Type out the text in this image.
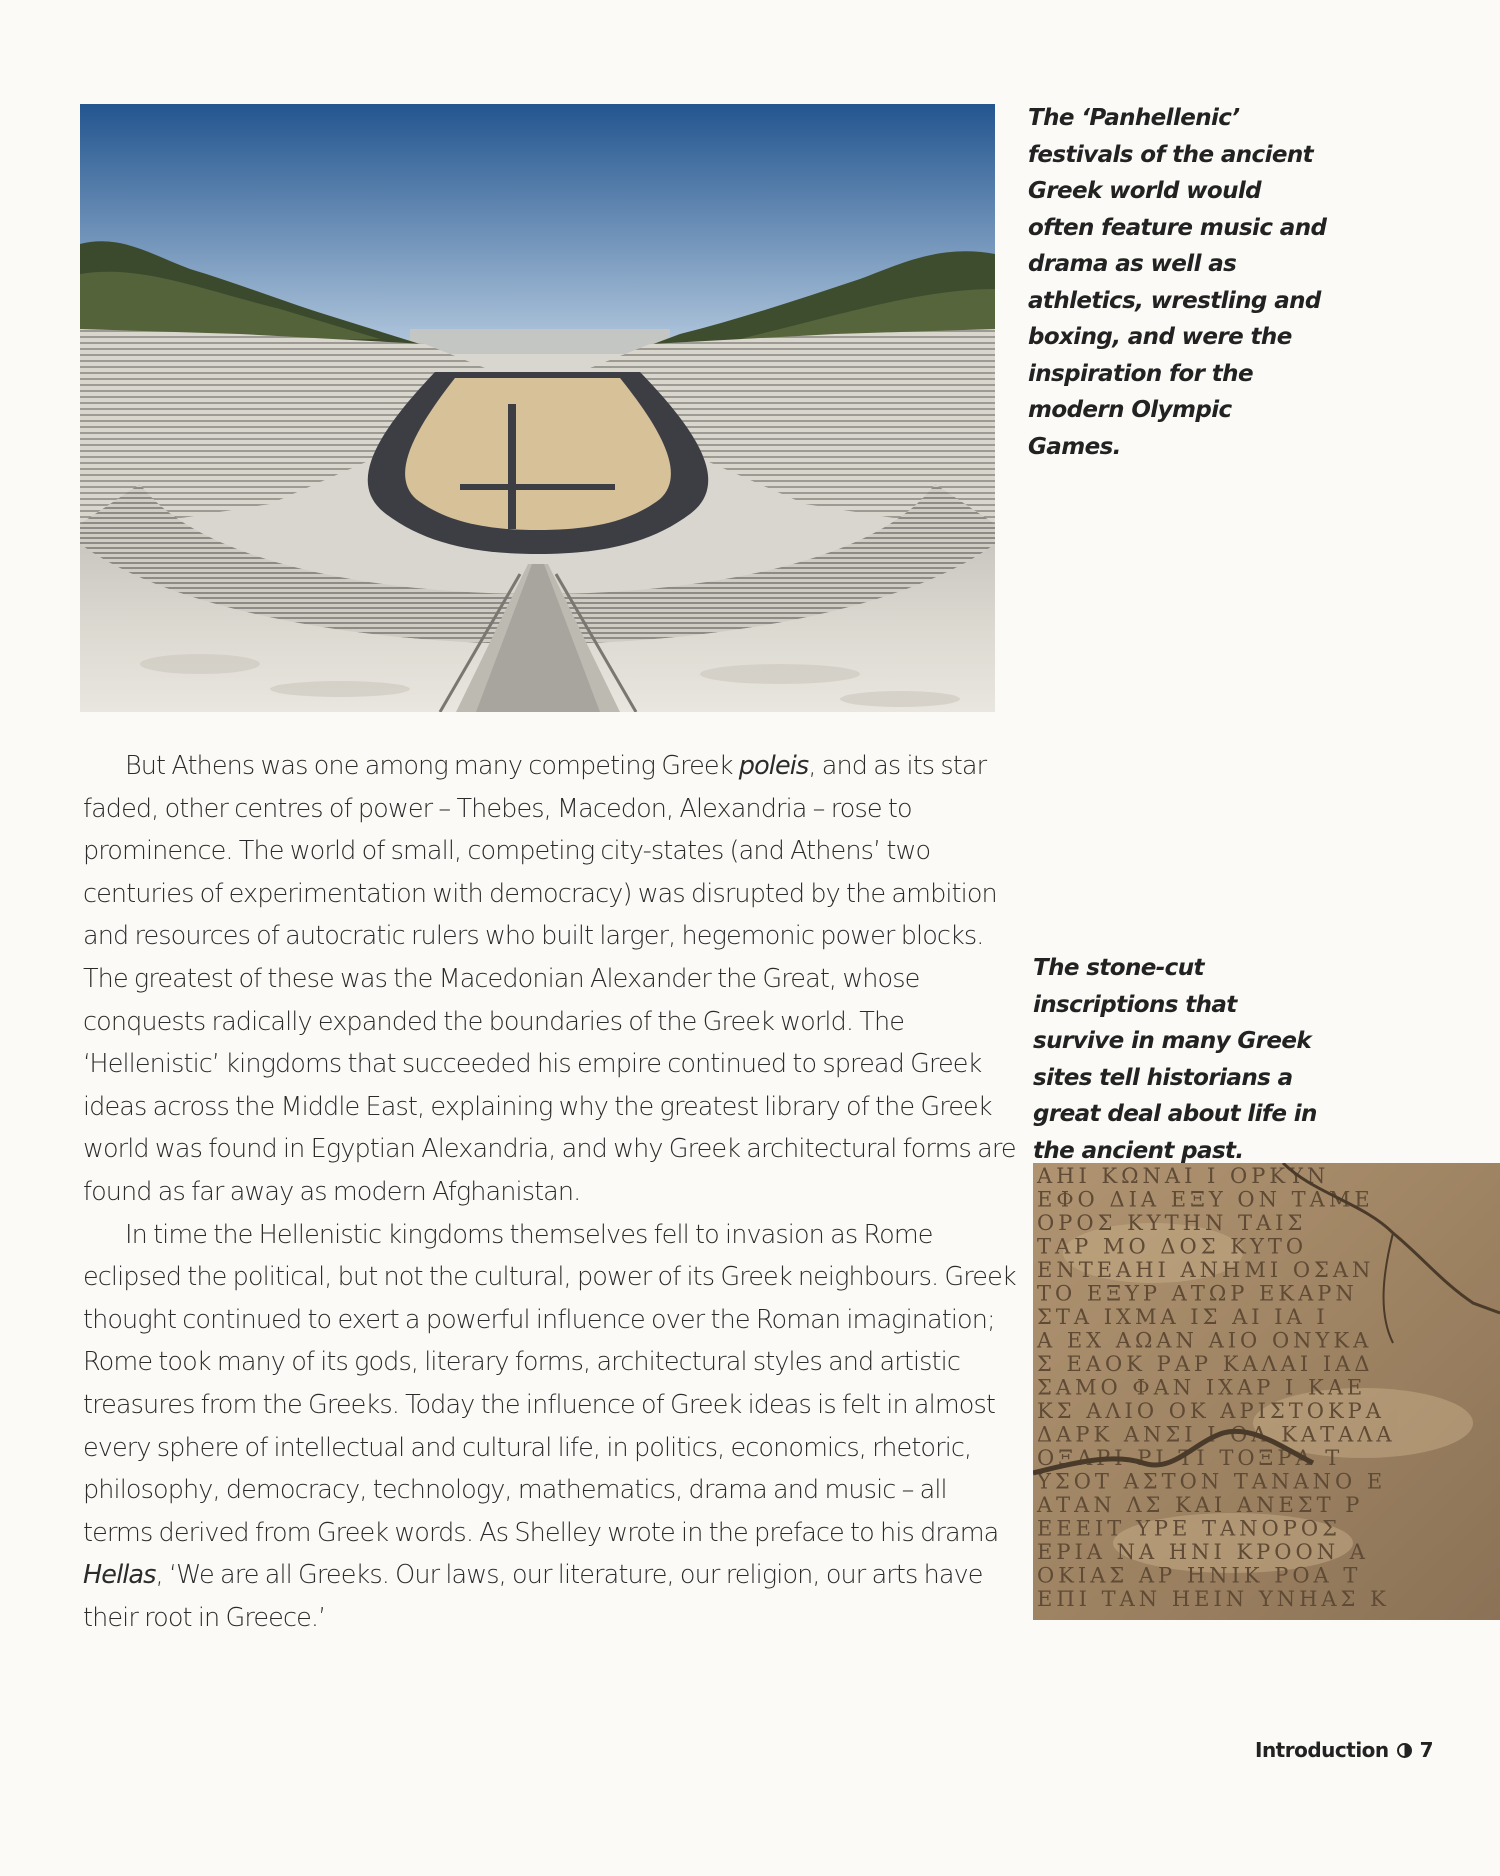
The ‘Panhellenic’ festivals of the ancient Greek world would often feature music and drama as well as athletics, wrestling and boxing, and were the inspiration for the modern Olympic Games.

But Athens was one among many competing Greek poleis, and as its star faded, other centres of power – Thebes, Macedon, Alexandria – rose to prominence. The world of small, competing city-states (and Athens’ two centuries of experimentation with democracy) was disrupted by the ambition and resources of autocratic rulers who built larger, hegemonic power blocks. The greatest of these was the Macedonian Alexander the Great, whose conquests radically expanded the boundaries of the Greek world. The ‘Hellenistic’ kingdoms that succeeded his empire continued to spread Greek ideas across the Middle East, explaining why the greatest library of the Greek world was found in Egyptian Alexandria, and why Greek architectural forms are found as far away as modern Afghanistan.

In time the Hellenistic kingdoms themselves fell to invasion as Rome eclipsed the political, but not the cultural, power of its Greek neighbours. Greek thought continued to exert a powerful influence over the Roman imagination; Rome took many of its gods, literary forms, architectural styles and artistic treasures from the Greeks. Today the influence of Greek ideas is felt in almost every sphere of intellectual and cultural life, in politics, economics, rhetoric, philosophy, democracy, technology, mathematics, drama and music – all terms derived from Greek words. As Shelley wrote in the preface to his drama Hellas, ‘We are all Greeks. Our laws, our literature, our religion, our arts have their root in Greece.’

The stone-cut inscriptions that survive in many Greek sites tell historians a great deal about life in the ancient past.
ΑΗΙ ΚΩΝΑΙ Ι ΟΡΚΥΝ
ΕΦΟ ΔΙΑ ΕΞΥ ΟΝ ΤΑΜΕ
ΟΡΟΣ ΚΥΤΗΝ ΤΑΙΣ
ΤΑΡ ΜΟ ΔΟΣ ΚΥΤΟ
ΕΝΤΕΑΗΙ ΑΝΗΜΙ ΟΣΑΝ
ΤΟ ΕΞΥΡ ΑΤΩΡ ΕΚΑΡΝ
ΣΤΑ ΙΧΜΑ ΙΣ ΑΙ ΙΑ Ι
Α ΕΧ ΑΩΑΝ ΑΙΟ ΟΝΥΚΑ
Σ ΕΑΟΚ ΡΑΡ ΚΑΛΑΙ ΙΑΔ
ΣΑΜΟ ΦΑΝ ΙΧΑΡ Ι ΚΑΕ
ΚΣ ΑΛΙΟ ΟΚ ΑΡΙΣΤΟΚΡΑ
ΔΑΡΚ ΑΝΣΙ Ι ΟΑ ΚΑΤΑΛΑ
ΟΞΑΡΙ ΡΙ ΤΙ ΤΟΞΡΑ Τ
ΥΣΟΤ ΑΣΤΟΝ ΤΑΝΑΝΟ Ε
ΑΤΑΝ ΛΣ ΚΑΙ ΑΝΕΣΤ Ρ
ΕΕΕΙΤ ΥΡΕ ΤΑΝΟΡΟΣ
ΕΡΙΑ ΝΑ ΗΝΙ ΚΡΟΟΝ Α
ΟΚΙΑΣ ΑΡ ΗΝΙΚ ΡΟΑ Τ
ΕΠΙ ΤΑΝ ΗΕΙΝ ΥΝΗΑΣ Κ
Introduction 7
